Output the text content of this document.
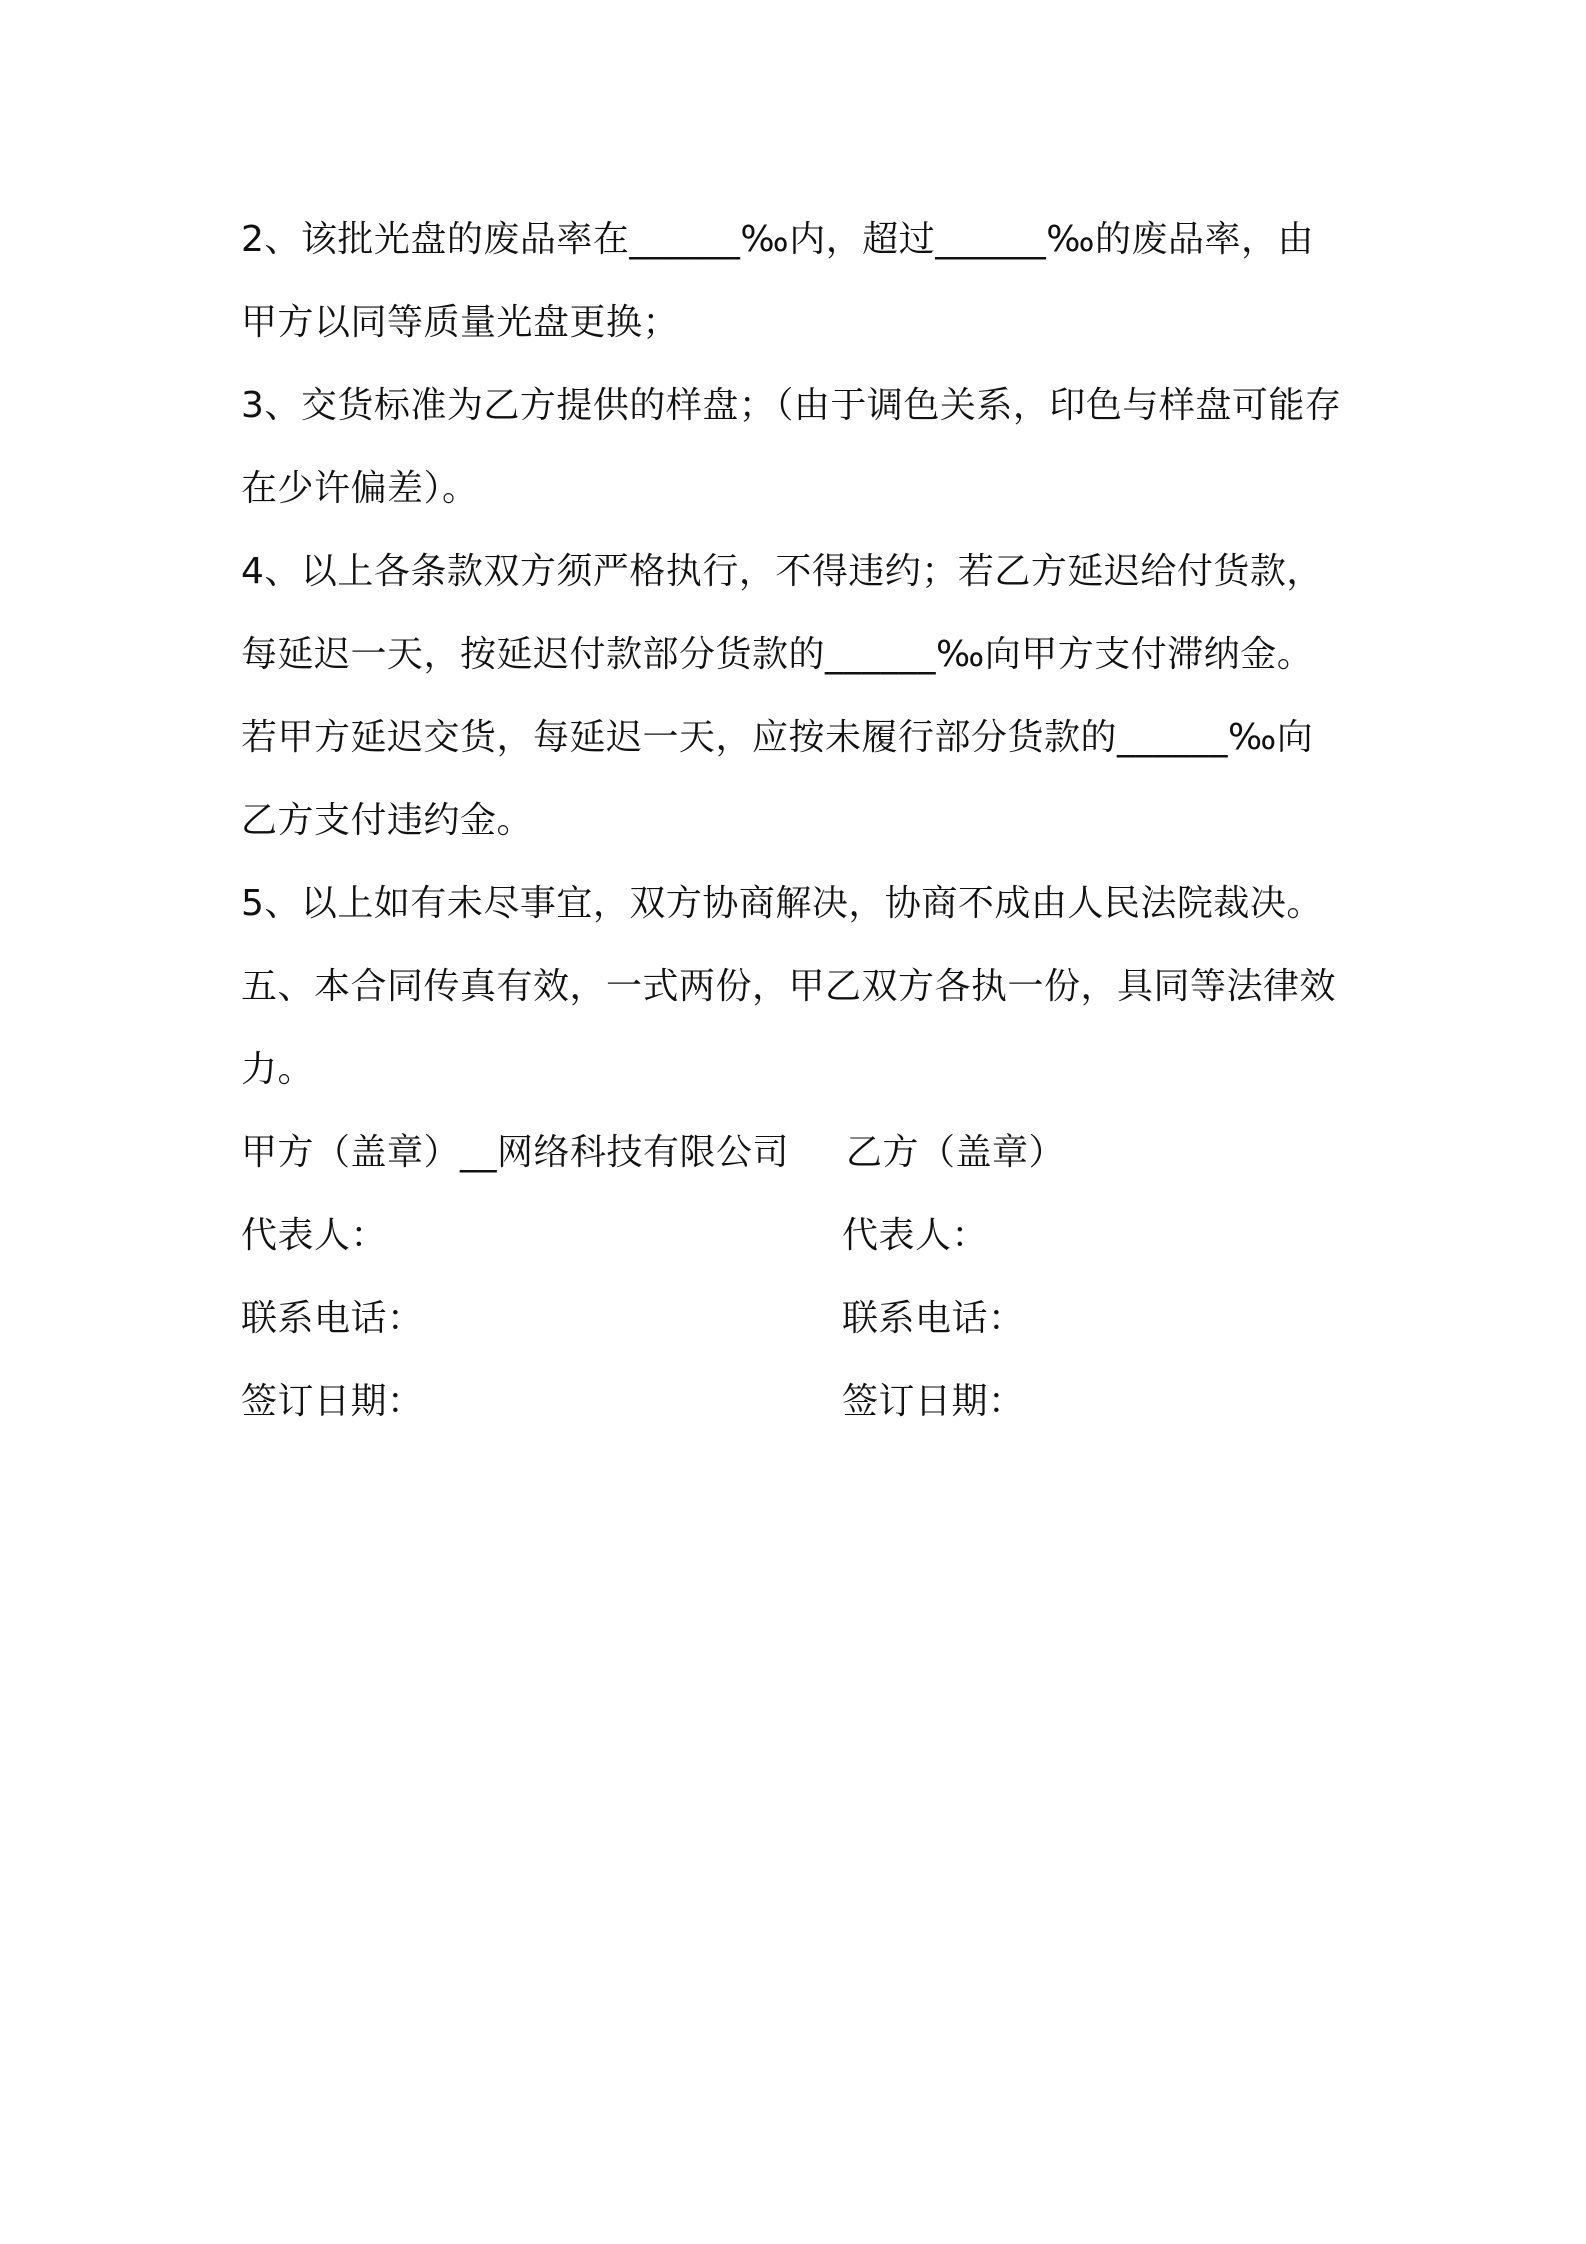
2、该批光盘的废品率在______‰内，超过______‰的废品率，由

甲方以同等质量光盘更换；

3、交货标准为乙方提供的样盘；（由于调色关系，印色与样盘可能存

在少许偏差）。

4、以上各条款双方须严格执行，不得违约；若乙方延迟给付货款，

每延迟一天，按延迟付款部分货款的______‰向甲方支付滞纳金。

若甲方延迟交货，每延迟一天，应按未履行部分货款的______‰向

乙方支付违约金。

5、以上如有未尽事宜，双方协商解决，协商不成由人民法院裁决。

五、本合同传真有效，一式两份，甲乙双方各执一份，具同等法律效

力。

甲方（盖章）__网络科技有限公司 乙方（盖章）
代表人：	代表人：
联系电话：	联系电话：
签订日期：	签订日期：
